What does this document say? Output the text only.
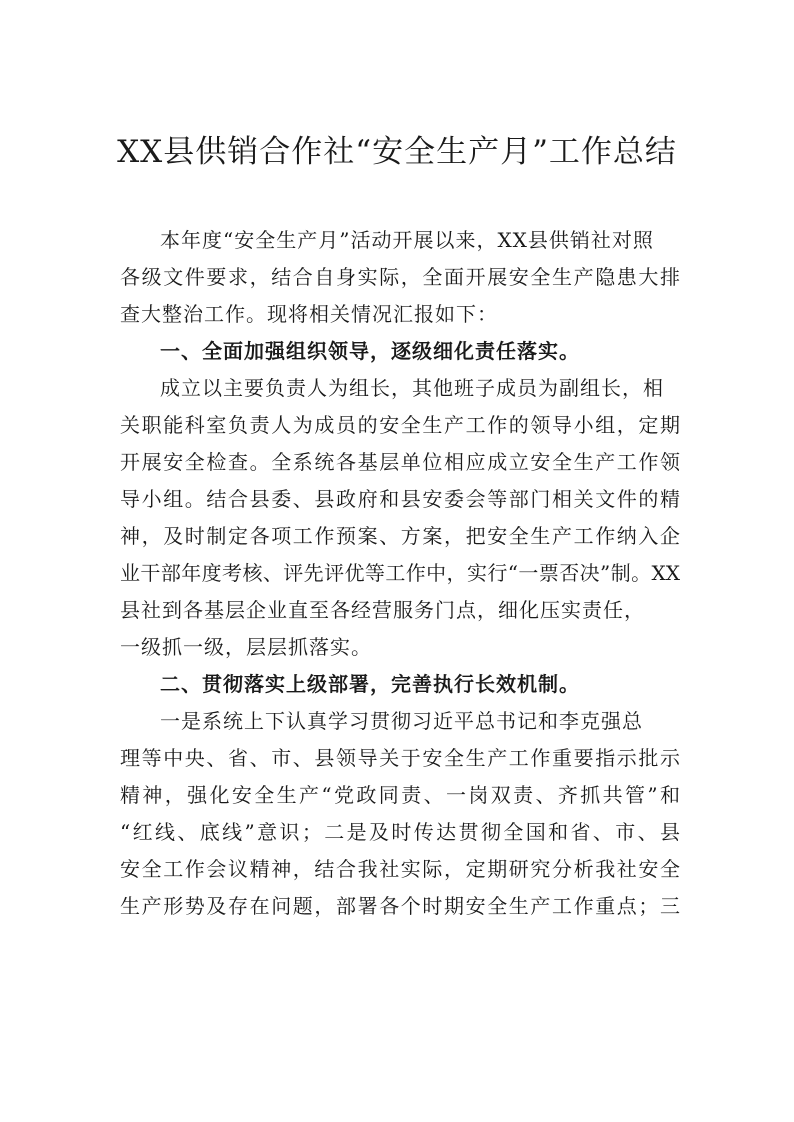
XX县供销合作社“安全生产月”工作总结
本年度“安全生产月”活动开展以来，XX县供销社对照
各级文件要求，结合自身实际，全面开展安全生产隐患大排
查大整治工作。现将相关情况汇报如下：
一、全面加强组织领导，逐级细化责任落实。
成立以主要负责人为组长，其他班子成员为副组长，相
关职能科室负责人为成员的安全生产工作的领导小组，定期
开展安全检查。全系统各基层单位相应成立安全生产工作领
导小组。结合县委、县政府和县安委会等部门相关文件的精
神，及时制定各项工作预案、方案，把安全生产工作纳入企
业干部年度考核、评先评优等工作中，实行“一票否决”制。XX
县社到各基层企业直至各经营服务门点，细化压实责任，
一级抓一级，层层抓落实。
二、贯彻落实上级部署，完善执行长效机制。
一是系统上下认真学习贯彻习近平总书记和李克强总
理等中央、省、市、县领导关于安全生产工作重要指示批示
精神，强化安全生产“党政同责、一岗双责、齐抓共管”和
“红线、底线”意识；二是及时传达贯彻全国和省、市、县
安全工作会议精神，结合我社实际，定期研究分析我社安全
生产形势及存在问题，部署各个时期安全生产工作重点；三
